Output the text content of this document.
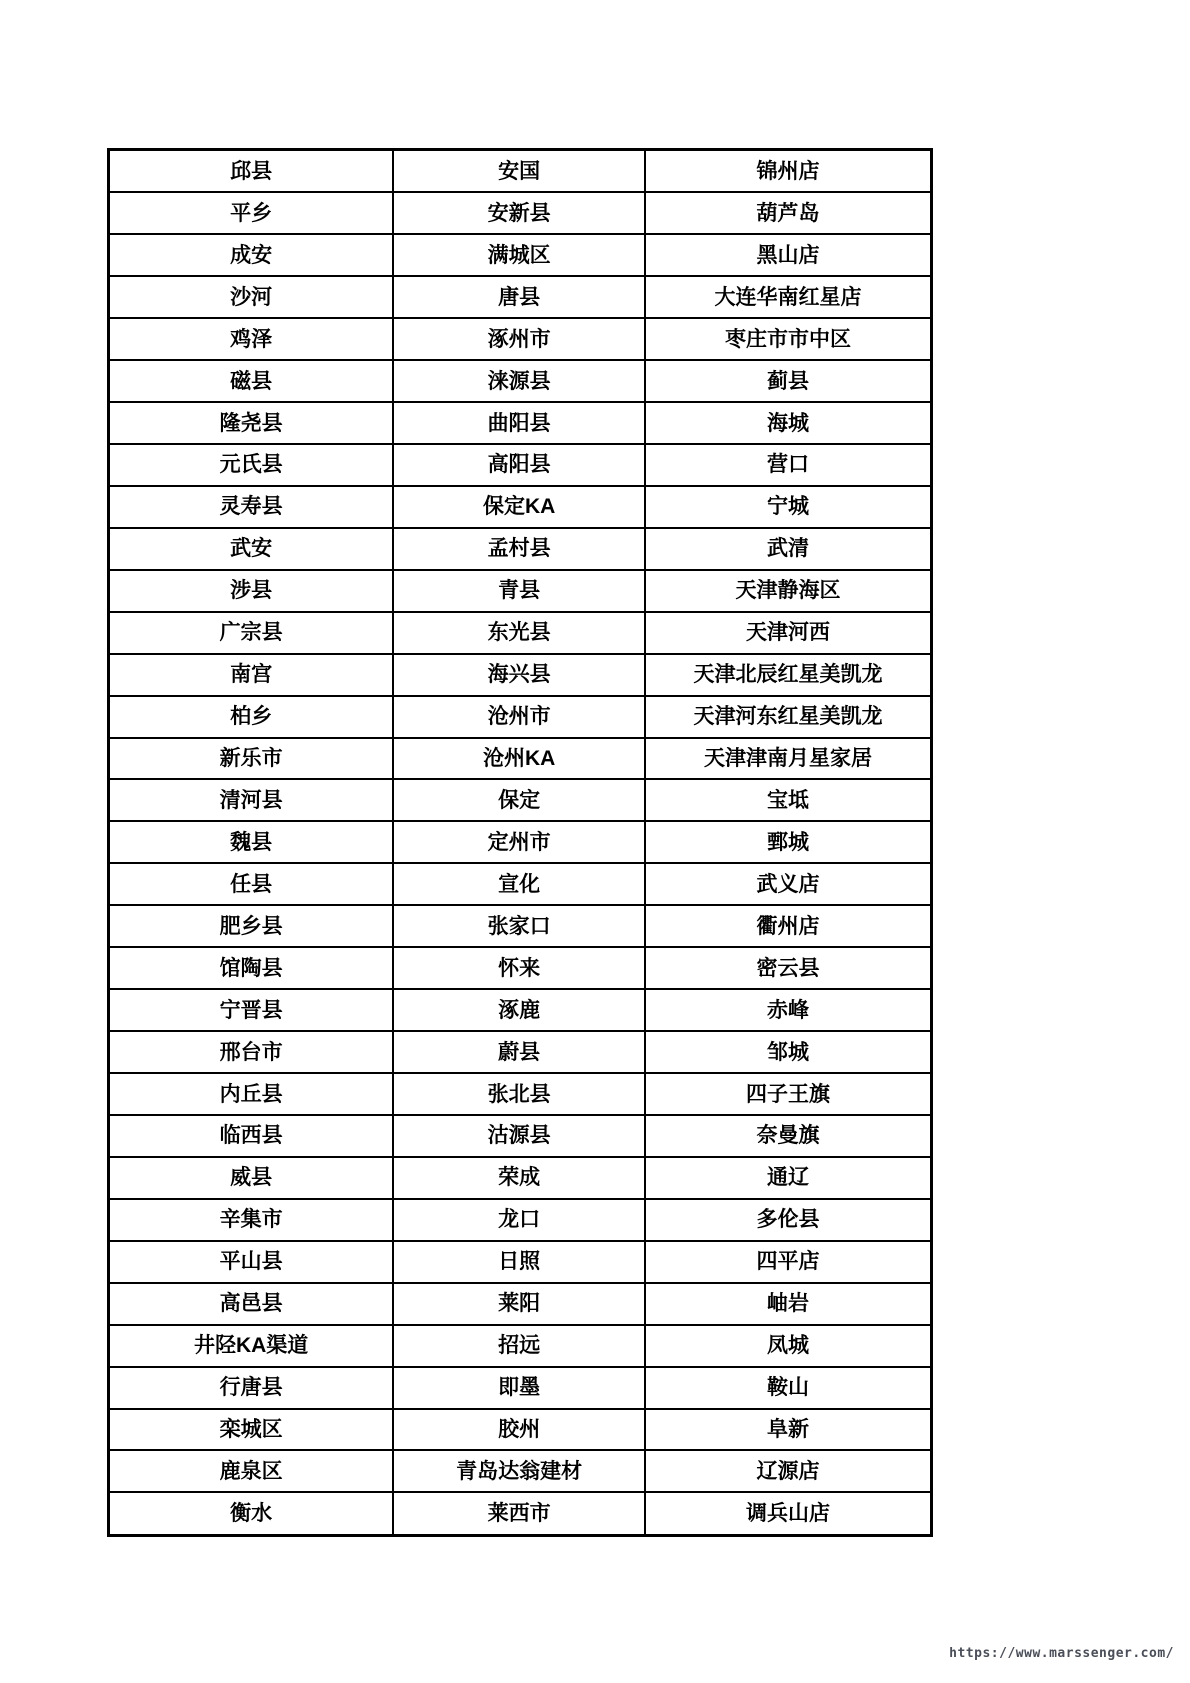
邱县	安国	锦州店
平乡	安新县	葫芦岛
成安	满城区	黑山店
沙河	唐县	大连华南红星店
鸡泽	涿州市	枣庄市市中区
磁县	涞源县	蓟县
隆尧县	曲阳县	海城
元氏县	高阳县	营口
灵寿县	保定KA	宁城
武安	孟村县	武清
涉县	青县	天津静海区
广宗县	东光县	天津河西
南宫	海兴县	天津北辰红星美凯龙
柏乡	沧州市	天津河东红星美凯龙
新乐市	沧州KA	天津津南月星家居
清河县	保定	宝坻
魏县	定州市	鄄城
任县	宣化	武义店
肥乡县	张家口	衢州店
馆陶县	怀来	密云县
宁晋县	涿鹿	赤峰
邢台市	蔚县	邹城
内丘县	张北县	四子王旗
临西县	沽源县	奈曼旗
威县	荣成	通辽
辛集市	龙口	多伦县
平山县	日照	四平店
高邑县	莱阳	岫岩
井陉KA渠道	招远	凤城
行唐县	即墨	鞍山
栾城区	胶州	阜新
鹿泉区	青岛达翁建材	辽源店
衡水	莱西市	调兵山店
https://www.marssenger.com/
